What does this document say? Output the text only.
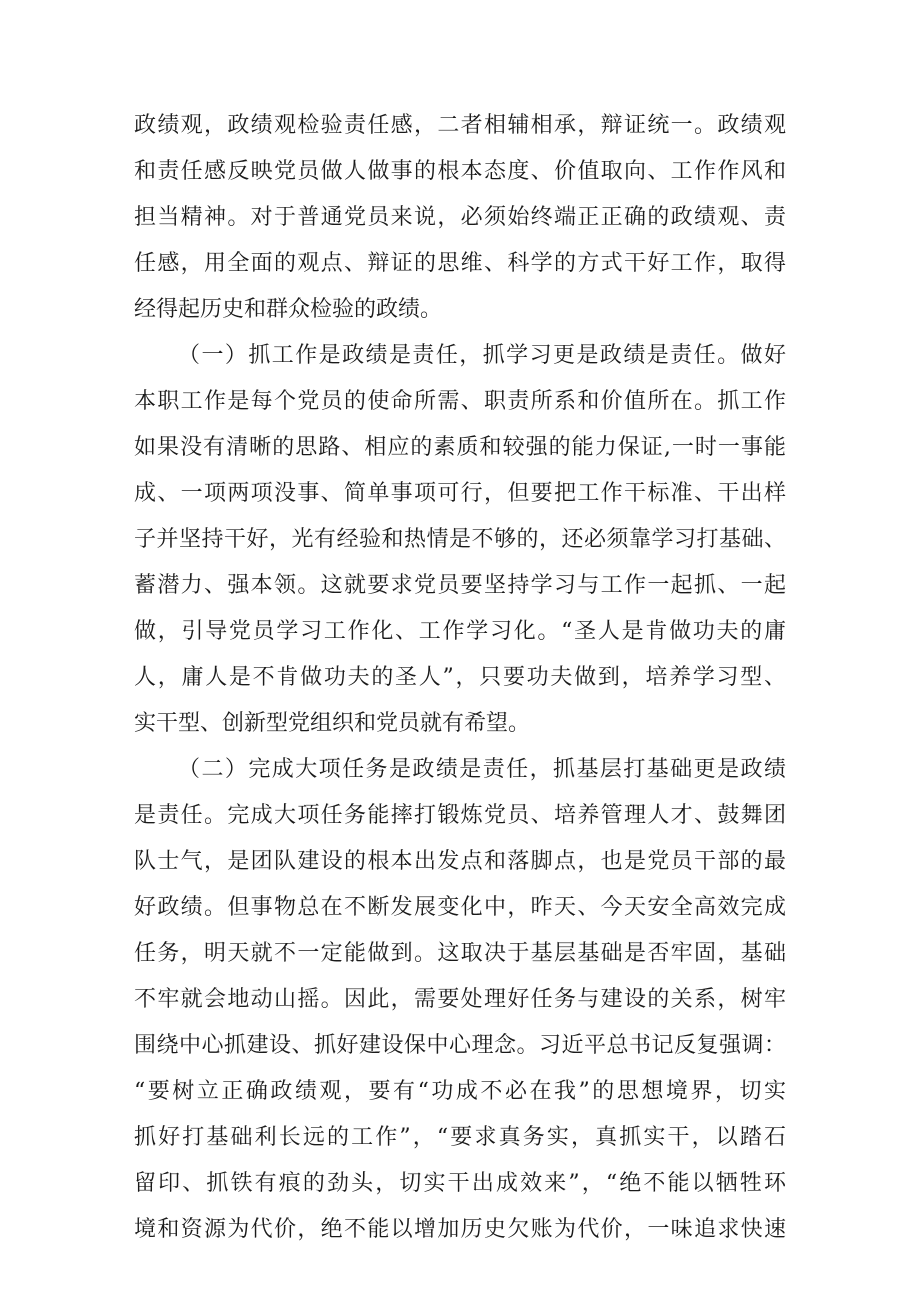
政绩观，政绩观检验责任感，二者相辅相承，辩证统一。政绩观
和责任感反映党员做人做事的根本态度、价值取向、工作作风和
担当精神。对于普通党员来说，必须始终端正正确的政绩观、责
任感，用全面的观点、辩证的思维、科学的方式干好工作，取得
经得起历史和群众检验的政绩。
（一）抓工作是政绩是责任，抓学习更是政绩是责任。做好
本职工作是每个党员的使命所需、职责所系和价值所在。抓工作
如果没有清晰的思路、相应的素质和较强的能力保证,一时一事能
成、一项两项没事、简单事项可行，但要把工作干标准、干出样
子并坚持干好，光有经验和热情是不够的，还必须靠学习打基础、
蓄潜力、强本领。这就要求党员要坚持学习与工作一起抓、一起
做，引导党员学习工作化、工作学习化。“圣人是肯做功夫的庸
人，庸人是不肯做功夫的圣人”，只要功夫做到，培养学习型、
实干型、创新型党组织和党员就有希望。
（二）完成大项任务是政绩是责任，抓基层打基础更是政绩
是责任。完成大项任务能摔打锻炼党员、培养管理人才、鼓舞团
队士气，是团队建设的根本出发点和落脚点，也是党员干部的最
好政绩。但事物总在不断发展变化中，昨天、今天安全高效完成
任务，明天就不一定能做到。这取决于基层基础是否牢固，基础
不牢就会地动山摇。因此，需要处理好任务与建设的关系，树牢
围绕中心抓建设、抓好建设保中心理念。习近平总书记反复强调：
“要树立正确政绩观，要有“功成不必在我”的思想境界，切实
抓好打基础利长远的工作”，“要求真务实，真抓实干，以踏石
留印、抓铁有痕的劲头，切实干出成效来”，“绝不能以牺牲环
境和资源为代价，绝不能以增加历史欠账为代价，一味追求快速
